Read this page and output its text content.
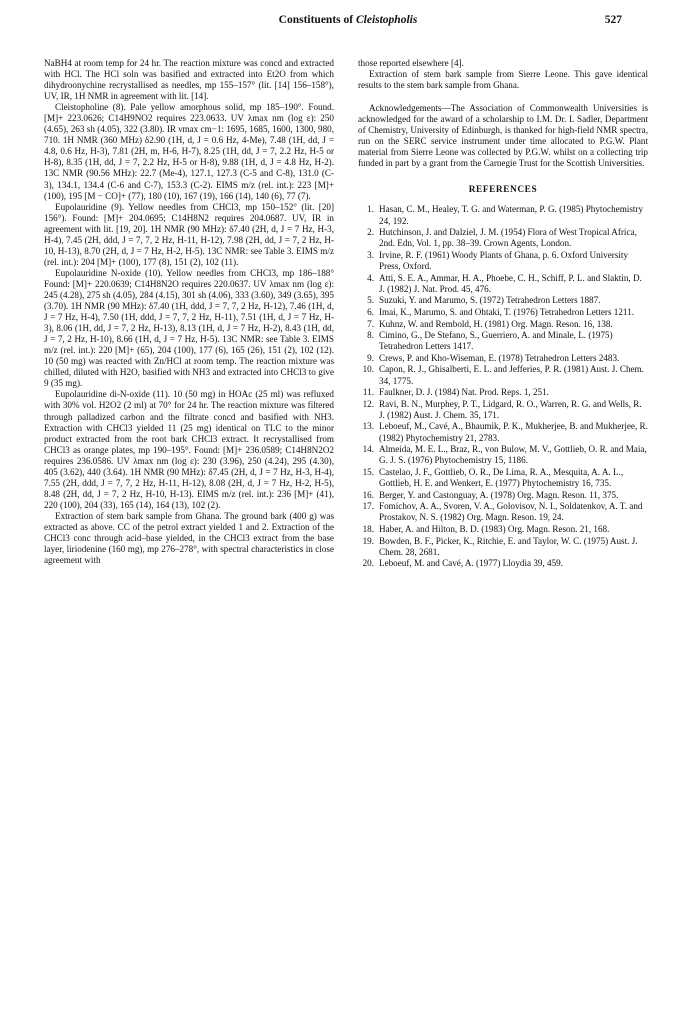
Constituents of Cleistopholis	527

NaBH4 at room temp for 24 hr. The reaction mixture was concd and extracted with HCl. The HCl soln was basified and extracted into Et2O from which dihydroonychine recrystallised as needles, mp 155–157° (lit. [14] 156–158°), UV, IR, 1H NMR in agreement with lit. [14].

Cleistopholine (8). Pale yellow amorphous solid, mp 185–190°. Found. [M]+ 223.0626; C14H9NO2 requires 223.0633. UV λmax nm (log ε): 250 (4.65), 263 sh (4.05), 322 (3.80). IR νmax cm−1: 1695, 1685, 1600, 1300, 980, 710. 1H NMR (360 MHz) δ2.90 (1H, d, J = 0.6 Hz, 4-Me), 7.48 (1H, dd, J = 4.8, 0.6 Hz, H-3), 7.81 (2H, m, H-6, H-7), 8.25 (1H, dd, J = 7, 2.2 Hz, H-5 or H-8), 8.35 (1H, dd, J = 7, 2.2 Hz, H-5 or H-8), 9.88 (1H, d, J = 4.8 Hz, H-2). 13C NMR (90.56 MHz): 22.7 (Me-4), 127.1, 127.3 (C-5 and C-8), 131.0 (C-3), 134.1, 134.4 (C-6 and C-7), 153.3 (C-2). EIMS m/z (rel. int.): 223 [M]+ (100), 195 [M − CO]+ (77), 180 (10), 167 (19), 166 (14), 140 (6), 77 (7).

Eupolauridine (9). Yellow needles from CHCl3, mp 150–152° (lit. [20] 156°). Found: [M]+ 204.0695; C14H8N2 requires 204.0687. UV, IR in agreement with lit. [19, 20]. 1H NMR (90 MHz): δ7.40 (2H, d, J = 7 Hz, H-3, H-4), 7.45 (2H, ddd, J = 7, 7, 2 Hz, H-11, H-12), 7.98 (2H, dd, J = 7, 2 Hz, H-10, H-13), 8.70 (2H, d, J = 7 Hz, H-2, H-5). 13C NMR: see Table 3. EIMS m/z (rel. int.): 204 [M]+ (100), 177 (8), 151 (2), 102 (11).

Eupolauridine N-oxide (10). Yellow needles from CHCl3, mp 186–188° Found: [M]+ 220.0639; C14H8N2O requires 220.0637. UV λmax nm (log ε): 245 (4.28), 275 sh (4.05), 284 (4.15), 301 sh (4.06), 333 (3.60), 349 (3.65), 395 (3.70). 1H NMR (90 MHz): δ7.40 (1H, ddd, J = 7, 7, 2 Hz, H-12), 7.46 (1H, d, J = 7 Hz, H-4), 7.50 (1H, ddd, J = 7, 7, 2 Hz, H-11), 7.51 (1H, d, J = 7 Hz, H-3), 8.06 (1H, dd, J = 7, 2 Hz, H-13), 8.13 (1H, d, J = 7 Hz, H-2), 8.43 (1H, dd, J = 7, 2 Hz, H-10), 8.66 (1H, d, J = 7 Hz, H-5). 13C NMR: see Table 3. EIMS m/z (rel. int.): 220 [M]+ (65), 204 (100), 177 (6), 165 (26), 151 (2), 102 (12). 10 (50 mg) was reacted with Zn/HCl at room temp. The reaction mixture was chilled, diluted with H2O, basified with NH3 and extracted into CHCl3 to give 9 (35 mg).

Eupolauridine di-N-oxide (11). 10 (50 mg) in HOAc (25 ml) was refluxed with 30% vol. H2O2 (2 ml) at 70° for 24 hr. The reaction mixture was filtered through palladized carbon and the filtrate concd and basified with NH3. Extraction with CHCl3 yielded 11 (25 mg) identical on TLC to the minor product extracted from the root bark CHCl3 extract. It recrystallised from CHCl3 as orange plates, mp 190–195°. Found: [M]+ 236.0589; C14H8N2O2 requires 236.0586. UV λmax nm (log ε): 230 (3.96), 250 (4.24), 295 (4.30), 405 (3.62), 440 (3.64). 1H NMR (90 MHz): δ7.45 (2H, d, J = 7 Hz, H-3, H-4), 7.55 (2H, ddd, J = 7, 7, 2 Hz, H-11, H-12), 8.08 (2H, d, J = 7 Hz, H-2, H-5), 8.48 (2H, dd, J = 7, 2 Hz, H-10, H-13). EIMS m/z (rel. int.): 236 [M]+ (41), 220 (100), 204 (33), 165 (14), 164 (13), 102 (2).

Extraction of stem bark sample from Ghana. The ground bark (400 g) was extracted as above. CC of the petrol extract yielded 1 and 2. Extraction of the CHCl3 conc through acid–base yielded, in the CHCl3 extract from the base layer, liriodenine (160 mg), mp 276–278°, with spectral characteristics in close agreement with

those reported elsewhere [4].

Extraction of stem bark sample from Sierre Leone. This gave identical results to the stem bark sample from Ghana.

Acknowledgements—The Association of Commonwealth Universities is acknowledged for the award of a scholarship to I.M. Dr. I. Sadler, Department of Chemistry, University of Edinburgh, is thanked for high-field NMR spectra, run on the SERC service instrument under time allocated to P.G.W. Plant material from Sierre Leone was collected by P.G.W. whilst on a collecting trip funded in part by a grant from the Carnegie Trust for the Scottish Universities.

REFERENCES
1. Hasan, C. M., Healey, T. G. and Waterman, P. G. (1985) Phytochemistry 24, 192.
2. Hutchinson, J. and Dalziel, J. M. (1954) Flora of West Tropical Africa, 2nd. Edn, Vol. 1, pp. 38–39. Crown Agents, London.
3. Irvine, R. F. (1961) Woody Plants of Ghana, p. 6. Oxford University Press, Oxford.
4. Atti, S. E. A., Ammar, H. A., Phoebe, C. H., Schiff, P. L. and Slaktin, D. J. (1982) J. Nat. Prod. 45, 476.
5. Suzuki, Y. and Marumo, S. (1972) Tetrahedron Letters 1887.
6. Imai, K., Marumo, S. and Ohtaki, T. (1976) Tetrahedron Letters 1211.
7. Kuhnz, W. and Rembold, H. (1981) Org. Magn. Reson. 16, 138.
8. Cimino, G., De Stefano, S., Guerriero, A. and Minale, L. (1975) Tetrahedron Letters 1417.
9. Crews, P. and Kho-Wiseman, E. (1978) Tetrahedron Letters 2483.
10. Capon, R. J., Ghisalberti, E. L. and Jefferies, P. R. (1981) Aust. J. Chem. 34, 1775.
11. Faulkner, D. J. (1984) Nat. Prod. Reps. 1, 251.
12. Ravi, B. N., Murphey, P. T., Lidgard, R. O., Warren, R. G. and Wells, R. J. (1982) Aust. J. Chem. 35, 171.
13. Leboeuf, M., Cavé, A., Bhaumik, P. K., Mukherjee, B. and Mukherjee, R. (1982) Phytochemistry 21, 2783.
14. Almeida, M. E. L., Braz, R., von Bulow, M. V., Gottlieb, O. R. and Maia, G. J. S. (1976) Phytochemistry 15, 1186.
15. Castelao, J. F., Gottlieb, O. R., De Lima, R. A., Mesquita, A. A. L., Gottlieb, H. E. and Wenkert, E. (1977) Phytochemistry 16, 735.
16. Berger, Y. and Castonguay, A. (1978) Org. Magn. Reson. 11, 375.
17. Fomichov, A. A., Svoren, V. A., Golovisov, N. I., Soldatenkov, A. T. and Prostakov, N. S. (1982) Org. Magn. Reson. 19, 24.
18. Haber, A. and Hilton, B. D. (1983) Org. Magn. Reson. 21, 168.
19. Bowden, B. F., Picker, K., Ritchie, E. and Taylor, W. C. (1975) Aust. J. Chem. 28, 2681.
20. Leboeuf, M. and Cavé, A. (1977) Lloydia 39, 459.
